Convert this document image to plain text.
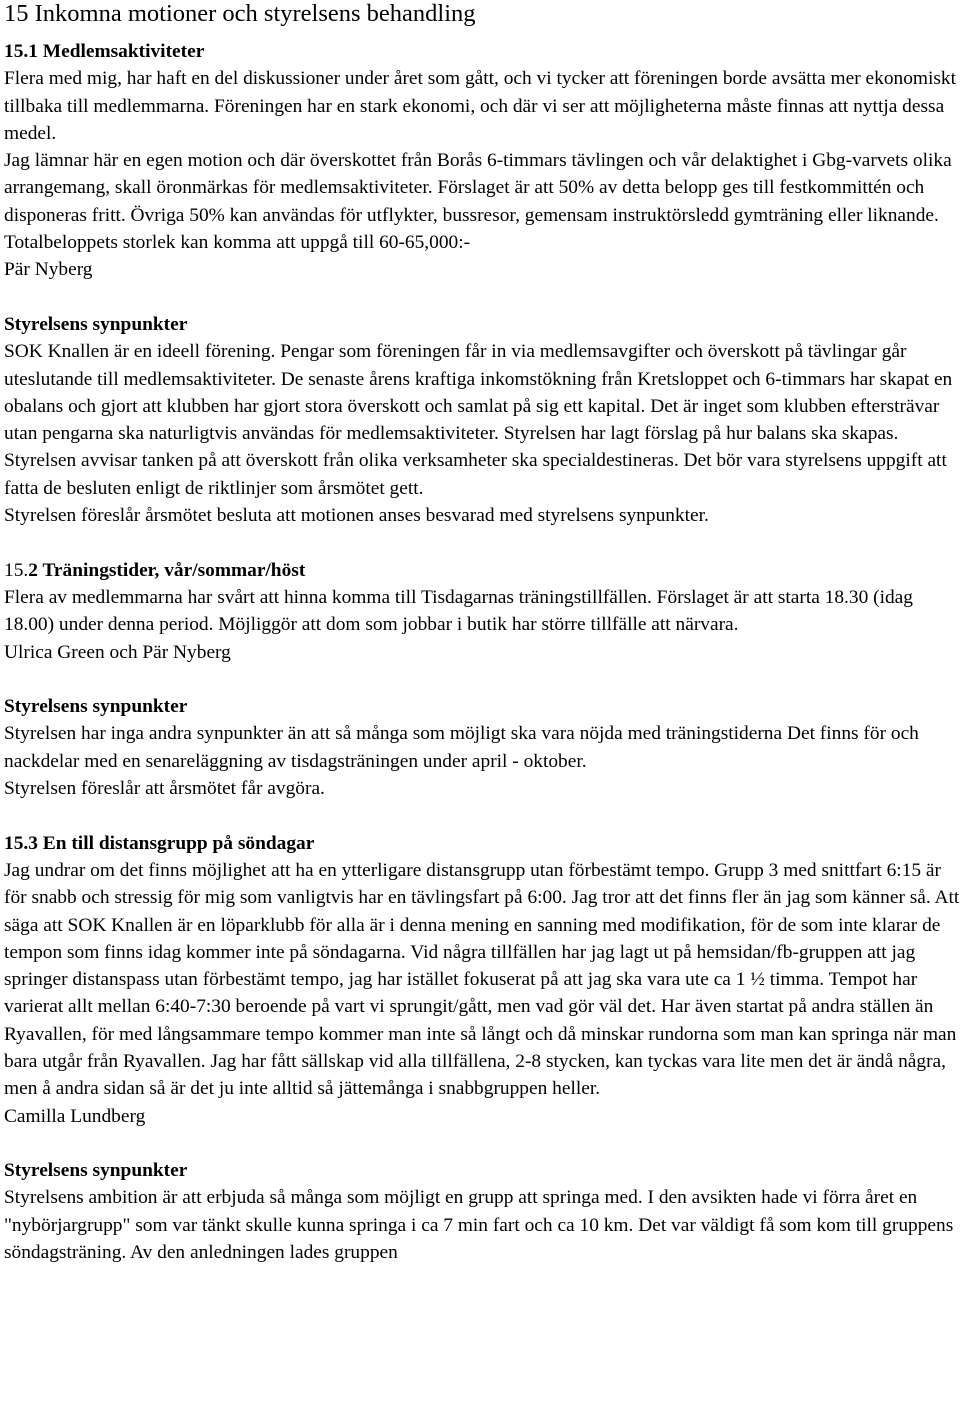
15 Inkomna motioner och styrelsens behandling
15.1 Medlemsaktiviteter
Flera med mig, har haft en del diskussioner under året som gått, och vi tycker att föreningen borde avsätta mer ekonomiskt tillbaka till medlemmarna. Föreningen har en stark ekonomi, och där vi ser att möjligheterna måste finnas att nyttja dessa medel.
Jag lämnar här en egen motion och där överskottet från Borås 6-timmars tävlingen och vår delaktighet i Gbg-varvets olika arrangemang, skall öronmärkas för medlemsaktiviteter. Förslaget är att 50% av detta belopp ges till festkommittén och disponeras fritt. Övriga 50% kan användas för utflykter, bussresor, gemensam instruktörsledd gymträning eller liknande. Totalbeloppets storlek kan komma att uppgå till 60-65,000:-
Pär Nyberg
Styrelsens synpunkter
SOK Knallen är en ideell förening. Pengar som föreningen får in via medlemsavgifter och överskott på tävlingar går uteslutande till medlemsaktiviteter. De senaste årens kraftiga inkomstökning från Kretsloppet och 6-timmars har skapat en obalans och gjort att klubben har gjort stora överskott och samlat på sig ett kapital. Det är inget som klubben eftersträvar utan pengarna ska naturligtvis användas för medlemsaktiviteter. Styrelsen har lagt förslag på hur balans ska skapas. Styrelsen avvisar tanken på att överskott från olika verksamheter ska specialdestineras. Det bör vara styrelsens uppgift att fatta de besluten enligt de riktlinjer som årsmötet gett.
Styrelsen föreslår årsmötet besluta att motionen anses besvarad med styrelsens synpunkter.
15.2 Träningstider, vår/sommar/höst
Flera av medlemmarna har svårt att hinna komma till Tisdagarnas träningstillfällen. Förslaget är att starta 18.30 (idag 18.00) under denna period. Möjliggör att dom som jobbar i butik har större tillfälle att närvara.
Ulrica Green och Pär Nyberg
Styrelsens synpunkter
Styrelsen har inga andra synpunkter än att så många som möjligt ska vara nöjda med träningstiderna Det finns för och nackdelar med en senareläggning av tisdagsträningen under april - oktober.
Styrelsen föreslår att årsmötet får avgöra.
15.3 En till distansgrupp på söndagar
Jag undrar om det finns möjlighet att ha en ytterligare distansgrupp utan förbestämt tempo. Grupp 3 med snittfart 6:15 är för snabb och stressig för mig som vanligtvis har en tävlingsfart på 6:00. Jag tror att det finns fler än jag som känner så. Att säga att SOK Knallen är en löparklubb för alla är i denna mening en sanning med modifikation, för de som inte klarar de tempon som finns idag kommer inte på söndagarna. Vid några tillfällen har jag lagt ut på hemsidan/fb-gruppen att jag springer distanspass utan förbestämt tempo, jag har istället fokuserat på att jag ska vara ute ca 1 ½ timma. Tempot har varierat allt mellan 6:40-7:30 beroende på vart vi sprungit/gått, men vad gör väl det. Har även startat på andra ställen än Ryavallen, för med långsammare tempo kommer man inte så långt och då minskar rundorna som man kan springa när man bara utgår från Ryavallen. Jag har fått sällskap vid alla tillfällena, 2-8 stycken, kan tyckas vara lite men det är ändå några, men å andra sidan så är det ju inte alltid så jättemånga i snabbgruppen heller.
Camilla Lundberg
Styrelsens synpunkter
Styrelsens ambition är att erbjuda så många som möjligt en grupp att springa med. I den avsikten hade vi förra året en "nybörjargrupp" som var tänkt skulle kunna springa i ca 7 min fart och ca 10 km. Det var väldigt få som kom till gruppens söndagsträning. Av den anledningen lades gruppen
